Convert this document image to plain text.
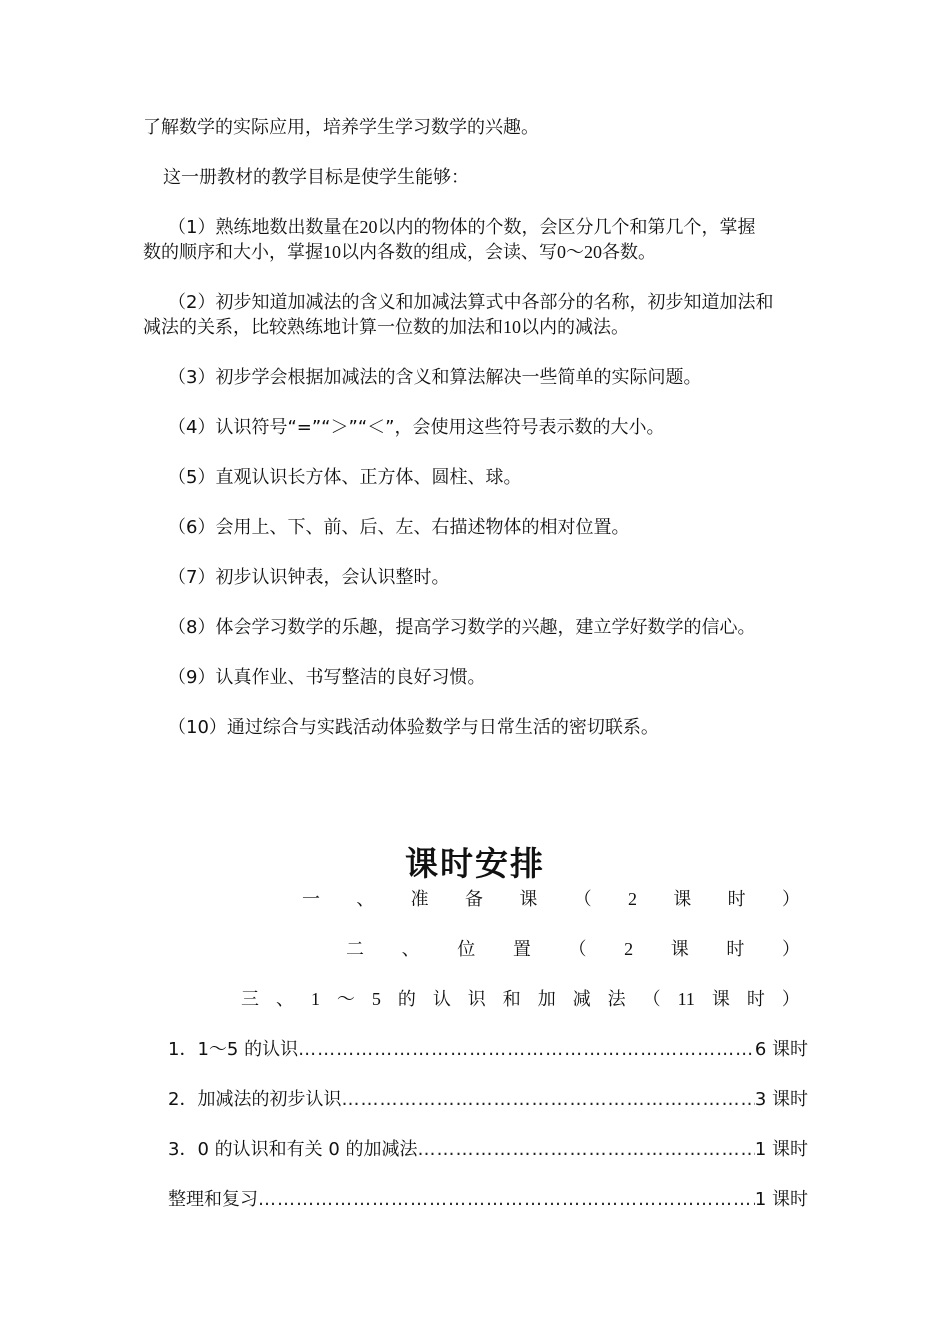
了解数学的实际应用，培养学生学习数学的兴趣。

这一册教材的教学目标是使学生能够：

（1）熟练地数出数量在20以内的物体的个数，会区分几个和第几个，掌握

数的顺序和大小，掌握10以内各数的组成，会读、写0～20各数。

（2）初步知道加减法的含义和加减法算式中各部分的名称，初步知道加法和

减法的关系，比较熟练地计算一位数的加法和10以内的减法。

（3）初步学会根据加减法的含义和算法解决一些简单的实际问题。

（4）认识符号“=”“＞”“＜”，会使用这些符号表示数的大小。

（5）直观认识长方体、正方体、圆柱、球。

（6）会用上、下、前、后、左、右描述物体的相对位置。

（7）初步认识钟表，会认识整时。

（8）体会学习数学的乐趣，提高学习数学的兴趣，建立学好数学的信心。

（9）认真作业、书写整洁的良好习惯。

（10）通过综合与实践活动体验数学与日常生活的密切联系。

课时安排
一 、 准 备 课 （ 2 课 时 ）
二 、 位 置 （ 2 课 时 ）
三 、 1 ～ 5 的 认 识 和 加 减 法 （ 11 课 时 ）
1．1～5 的认识 …………………………………………………………………………………………………………	6 课时
2．加减法的初步认识 …………………………………………………………………………………………………………	3 课时
3．0 的认识和有关 0 的加减法 …………………………………………………………………………………………………………	1 课时
整理和复习 …………………………………………………………………………………………………………	1 课时
